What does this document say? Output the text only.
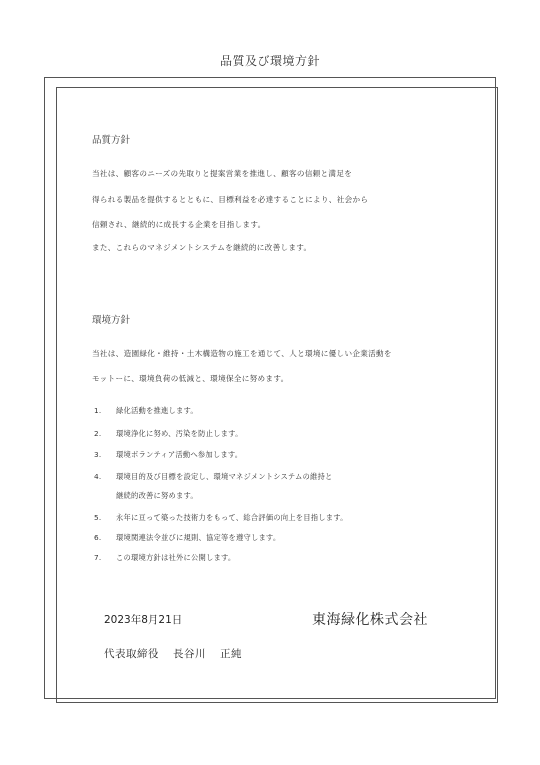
品質及び環境方針
品質方針
当社は、顧客のニーズの先取りと提案営業を推進し、顧客の信頼と満足を
得られる製品を提供するとともに、目標利益を必達することにより、社会から
信頼され、継続的に成長する企業を目指します。
また、これらのマネジメントシステムを継続的に改善します。
環境方針
当社は、造園緑化・維持・土木構造物の施工を通じて、人と環境に優しい企業活動を
モットーに、環境負荷の低減と、環境保全に努めます。
1. 緑化活動を推進します。
2. 環境浄化に努め、汚染を防止します。
3. 環境ボランティア活動へ参加します。
4. 環境目的及び目標を設定し、環境マネジメントシステムの維持と
継続的改善に努めます。
5. 永年に亘って築った技術力をもって、総合評価の向上を目指します。
6. 環境関連法令並びに規則、協定等を遵守します。
7. この環境方針は社外に公開します。
2023年8月21日	東海緑化株式会社
代表取締役 長谷川 正純
